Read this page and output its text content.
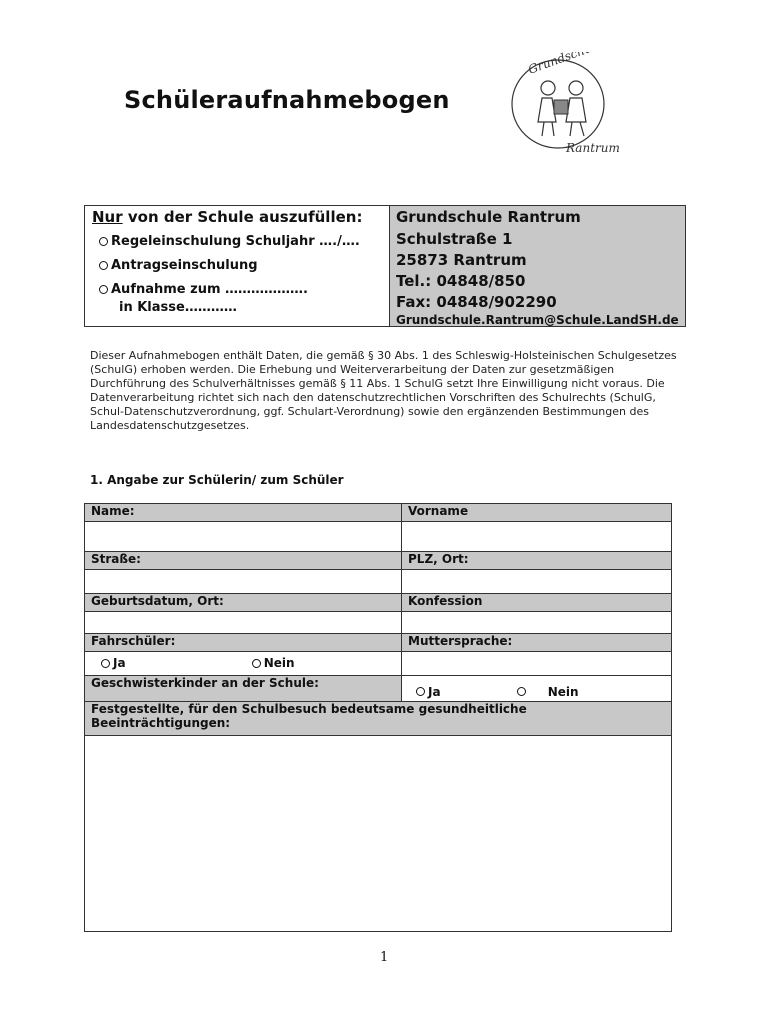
Schüleraufnahmebogen
Grundschule
Rantrum
Nur von der Schule auszufüllen:
Regeleinschulung Schuljahr …./….
Antragseinschulung
Aufnahme zum ……………….
in Klasse…………
Grundschule Rantrum
Schulstraße 1
25873 Rantrum
Tel.: 04848/850
Fax: 04848/902290
Grundschule.Rantrum@Schule.LandSH.de
Dieser Aufnahmebogen enthält Daten, die gemäß § 30 Abs. 1 des Schleswig-Holsteinischen Schulgesetzes (SchulG) erhoben werden. Die Erhebung und Weiterverarbeitung der Daten zur gesetzmäßigen Durchführung des Schulverhältnisses gemäß § 11 Abs. 1 SchulG setzt Ihre Einwilligung nicht voraus. Die Datenverarbeitung richtet sich nach den datenschutzrechtlichen Vorschriften des Schulrechts (SchulG, Schul-Datenschutzverordnung, ggf. Schulart-Verordnung) sowie den ergänzenden Bestimmungen des Landesdatenschutzgesetzes.
1. Angabe zur Schülerin/ zum Schüler
Name:	Vorname

Straße:	PLZ, Ort:

Geburtsdatum, Ort:	Konfession

Fahrschüler:	Muttersprache:

Ja
Nein	

Geschwisterkinder an der Schule:	Ja
Nein

Festgestellte, für den Schulbesuch bedeutsame gesundheitliche Beeinträchtigungen:	

1
